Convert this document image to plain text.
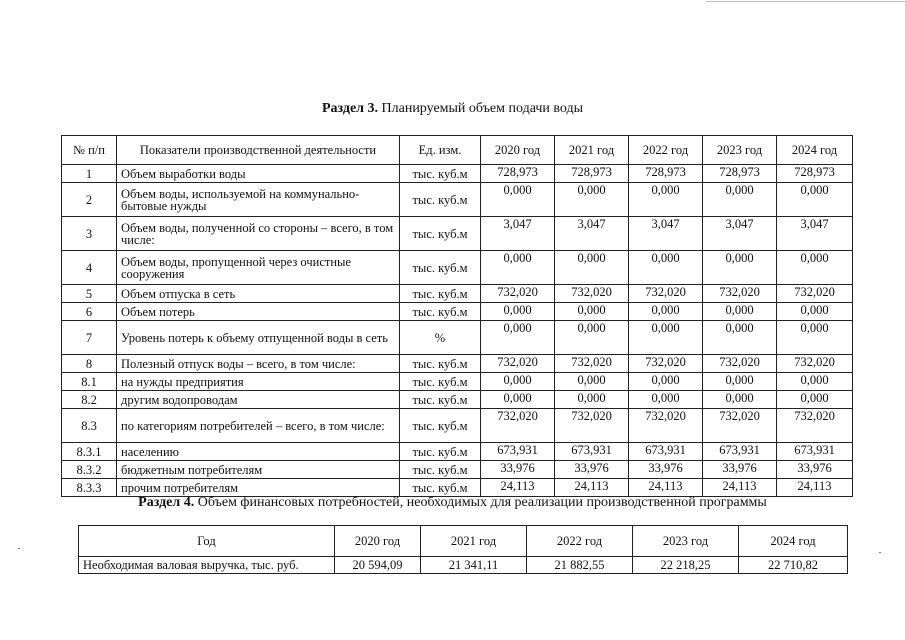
Раздел 3. Планируемый объем подачи воды
№ п/п	Показатели производственной деятельности	Ед. изм.	2020 год	2021 год	2022 год	2023 год	2024 год
1	Объем выработки воды	тыс. куб.м	728,973	728,973	728,973	728,973	728,973
2	Объем воды, используемой на коммунально-бытовые нужды	тыс. куб.м	0,000	0,000	0,000	0,000	0,000
3	Объем воды, полученной со стороны – всего, в том числе:	тыс. куб.м	3,047	3,047	3,047	3,047	3,047
4	Объем воды, пропущенной через очистные сооружения	тыс. куб.м	0,000	0,000	0,000	0,000	0,000
5	Объем отпуска в сеть	тыс. куб.м	732,020	732,020	732,020	732,020	732,020
6	Объем потерь	тыс. куб.м	0,000	0,000	0,000	0,000	0,000
7	Уровень потерь к объему отпущенной воды в сеть	%	0,000	0,000	0,000	0,000	0,000
8	Полезный отпуск воды – всего, в том числе:	тыс. куб.м	732,020	732,020	732,020	732,020	732,020
8.1	на нужды предприятия	тыс. куб.м	0,000	0,000	0,000	0,000	0,000
8.2	другим водопроводам	тыс. куб.м	0,000	0,000	0,000	0,000	0,000
8.3	по категориям потребителей – всего, в том числе:	тыс. куб.м	732,020	732,020	732,020	732,020	732,020
8.3.1	населению	тыс. куб.м	673,931	673,931	673,931	673,931	673,931
8.3.2	бюджетным потребителям	тыс. куб.м	33,976	33,976	33,976	33,976	33,976
8.3.3	прочим потребителям	тыс. куб.м	24,113	24,113	24,113	24,113	24,113
Раздел 4. Объем финансовых потребностей, необходимых для реализации производственной программы
Год	2020 год	2021 год	2022 год	2023 год	2024 год
Необходимая валовая выручка, тыс. руб.	20 594,09	21 341,11	21 882,55	22 218,25	22 710,82
